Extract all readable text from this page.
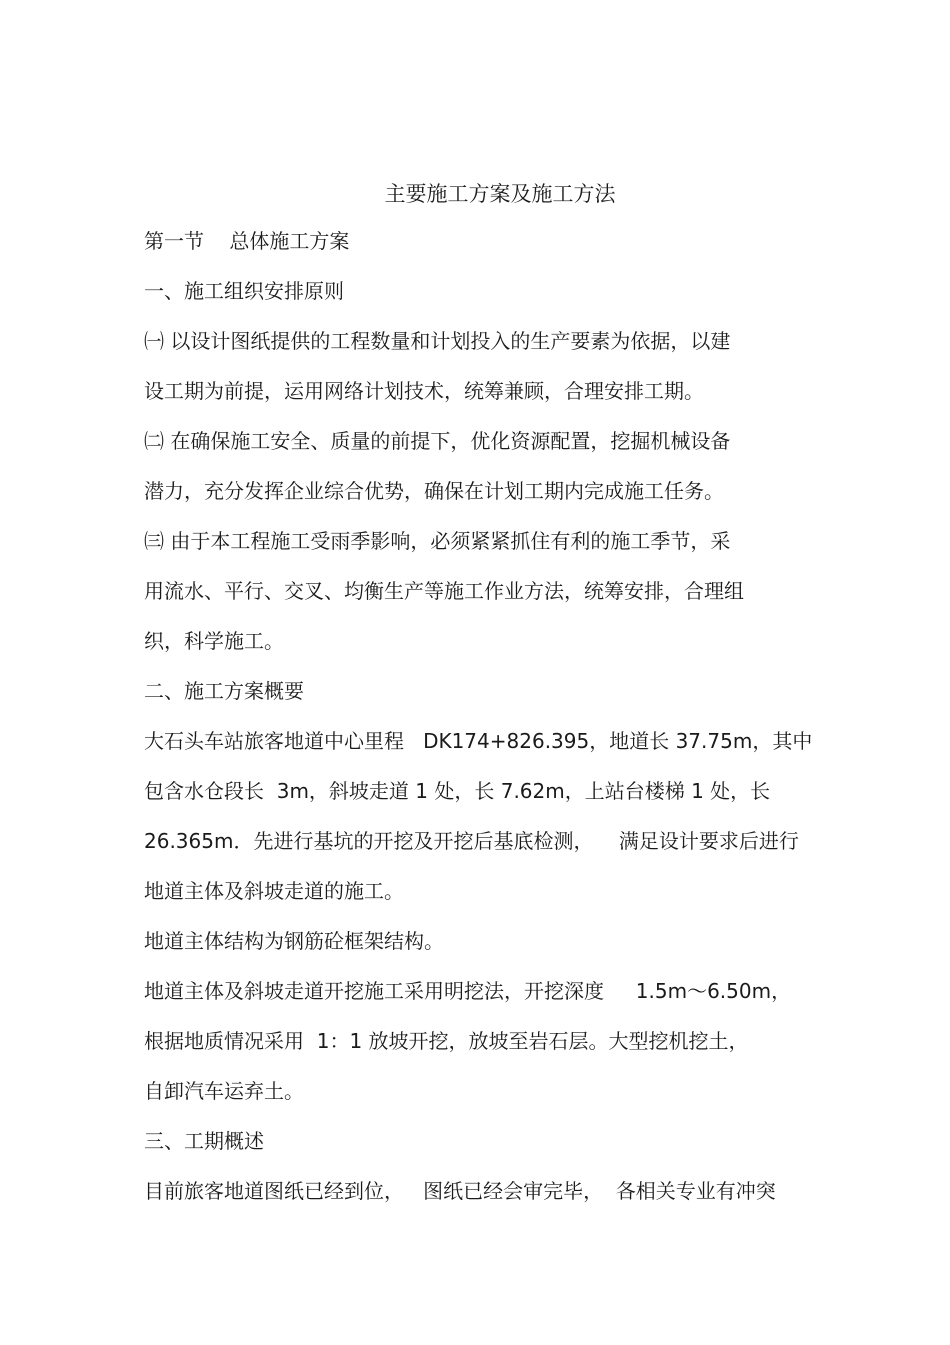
主要施工方案及施工方法
第一节    总体施工方案
一、施工组织安排原则
㈠ 以设计图纸提供的工程数量和计划投入的生产要素为依据，以建
设工期为前提，运用网络计划技术，统筹兼顾，合理安排工期。
㈡ 在确保施工安全、质量的前提下，优化资源配置，挖掘机械设备
潜力，充分发挥企业综合优势，确保在计划工期内完成施工任务。
㈢ 由于本工程施工受雨季影响，必须紧紧抓住有利的施工季节，采
用流水、平行、交叉、均衡生产等施工作业方法，统筹安排，合理组
织，科学施工。
二、施工方案概要
大石头车站旅客地道中心里程   DK174+826.395，地道长 37.75m，其中
包含水仓段长  3m，斜坡走道 1 处，长 7.62m，上站台楼梯 1 处，长
26.365m．先进行基坑的开挖及开挖后基底检测，    满足设计要求后进行
地道主体及斜坡走道的施工。
地道主体结构为钢筋砼框架结构。
地道主体及斜坡走道开挖施工采用明挖法，开挖深度     1.5m～6.50m，
根据地质情况采用  1：1 放坡开挖，放坡至岩石层。大型挖机挖土，
自卸汽车运弃土。
三、工期概述
目前旅客地道图纸已经到位，   图纸已经会审完毕，  各相关专业有冲突
